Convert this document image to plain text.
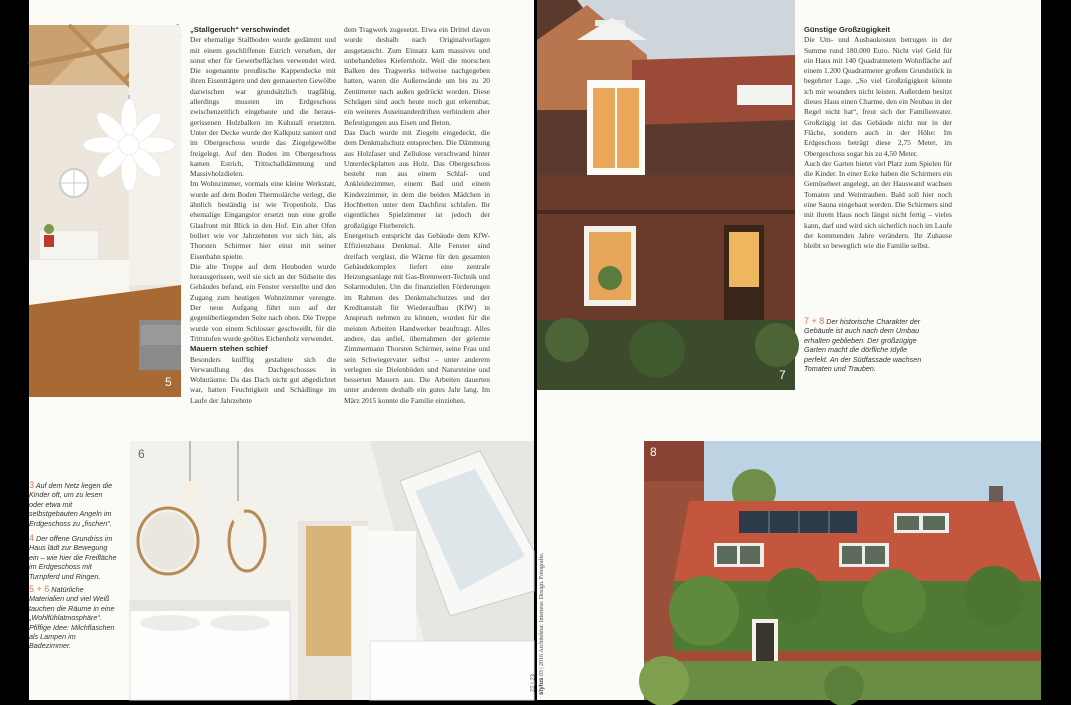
5

„Stallgeruch“ verschwindet

Der ehemalige Stallboden wurde gedämmt und mit einem geschliffenen Estrich versehen, der sonst eher für Gewerbeflächen verwendet wird. Die sogenannte preußische Kappendecke mit ihren Eisenträgern und den gemauerten Gewölbe dazwischen war grundsätzlich tragfähig, allerdings mussten im Erdgeschoss zwischenzeitlich eingebaute und die herausgerissenen Holzbalken im Kuhstall ersetzten. Unter der Decke wurde der Kalkputz saniert und im Obergeschoss wurde das Ziegelgewölbe freigelegt. Auf den Boden im Obergeschoss kamen Estrich, Trittschalldämmung und Massivholzdielen.

Im Wohnzimmer, vormals eine kleine Werkstatt, wurde auf dem Boden Thermolärche verlegt, die ähnlich beständig ist wie Tropenholz. Das ehemalige Eingangstor ersetzt nun eine große Glasfront mit Blick in den Hof. Ein alter Ofen bollert wie vor Jahrzehnten vor sich hin, als Thorsten Schirmer hier einst mit seiner Eisenbahn spielte.

Die alte Treppe auf dem Heuboden wurde herausgerissen, weil sie sich an der Südseite des Gebäudes befand, ein Fenster verstellte und den Zugang zum heutigen Wohnzimmer verengte. Der neue Aufgang führt nun auf der gegenüberliegenden Seite nach oben. Die Treppe wurde von einem Schlosser geschweißt, für die Trittstufen wurde geöltes Eichenholz verwendet.

Mauern stehen schief

Besonders knifflig gestaltete sich die Verwandlung des Dachgeschosses in Wohnräume. Da das Dach nicht gut abgedichtet war, hatten Feuchtigkeit und Schädlinge im Laufe der Jahrzehnte

dem Tragwerk zugesetzt. Etwa ein Drittel davon wurde deshalb nach Originalvorlagen ausgetauscht. Zum Einsatz kam massives und unbehandeltes Kiefernholz. Weil die morschen Balken des Tragwerks teilweise nachgegeben hatten, waren die Außenwände um bis zu 20 Zentimeter nach außen gedrückt worden. Diese Schrägen sind auch heute noch gut erkennbar, ein weiteres Auseinanderdriften verhindern aber Befestigungen aus Eisen und Beton.

Das Dach wurde mit Ziegeln eingedeckt, die dem Denkmalschutz entsprechen. Die Dämmung aus Holzfaser und Zellulose verschwand hinter Unterdeckplatten aus Holz. Das Obergeschoss besteht nun aus einem Schlaf- und Ankleidezimmer, einem Bad und einem Kinderzimmer, in dem die beiden Mädchen in Hochbetten unter dem Dachfirst schlafen. Ihr eigentliches Spielzimmer ist jedoch der großzügige Flurbereich.

Energetisch entspricht das Gebäude dem KfW-Effizienzhaus Denkmal. Alle Fenster sind dreifach verglast, die Wärme für den gesamten Gebäudekomplex liefert eine zentrale Heizungsanlage mit Gas-Brennwert-Technik und Solarmodulen. Um die finanziellen Förderungen im Rahmen des Denkmalschutzes und der Kreditanstalt für Wiederaufbau (KfW) in Anspruch nehmen zu können, wurden für die meisten Arbeiten Handwerker beauftragt. Alles andere, das anfiel, übernahmen der gelernte Zimmermann Thorsten Schirmer, seine Frau und sein Schwiegervater selbst – unter anderem verlegten sie Dielenböden und Natursteine und besserten Mauern aus. Die Arbeiten dauerten unter anderem deshalb ein gutes Jahr lang. Im März 2015 konnte die Familie einziehen.

3 Auf dem Netz liegen die Kinder oft, um zu lesen oder etwa mit selbstgebauten Angeln im Erdgeschoss zu „fischen“.

4 Der offene Grundriss im Haus lädt zur Bewegung ein – wie hier die Freifläche im Erdgeschoss mit Turnpferd und Ringen.

5 + 6 Natürliche Materialien und viel Weiß tauchen die Räume in eine „Wohlfühlatmosphäre“. Pfiffige Idee: Milchflaschen als Lampen im Badezimmer.

6
22 | 23
7

Günstige Großzügigkeit

Die Um- und Ausbaukosten betrugen in der Summe rund 180.000 Euro. Nicht viel Geld für ein Haus mit 140 Quadratmetern Wohnfläche auf einem 1.200 Quadratmeter großem Grundstück in begehrter Lage. „So viel Großzügigkeit könnte ich mir woanders nicht leisten. Außerdem besitzt dieses Haus einen Charme, den ein Neubau in der Regel nicht hat“, freut sich der Familienvater. Großzügig ist das Gebäude nicht nur in der Fläche, sondern auch in der Höhe: Im Erdgeschoss beträgt diese 2,75 Meter, im Obergeschoss sogar bis zu 4,50 Meter.

Auch der Garten bietet viel Platz zum Spielen für die Kinder. In einer Ecke haben die Schirmers ein Gemüsebeet angelegt, an der Hauswand wachsen Tomaten und Weintrauben. Bald soll hier noch eine Sauna eingebaut werden. Die Schirmers sind mit ihrem Haus noch längst nicht fertig – vieles kann, darf und wird sich sicherlich noch im Laufe der kommenden Jahre verändern. Ihr Zuhause bleibt so beweglich wie die Familie selbst.

7 + 8 Der historische Charakter der Gebäude ist auch nach dem Umbau erhalten geblieben. Der großzügige Garten macht die dörfliche Idylle perfekt. An der Südfassade wachsen Tomaten und Trauben.

stylus 03 | 2016 Architektur. Interieur. Design. Fotografie.
8
